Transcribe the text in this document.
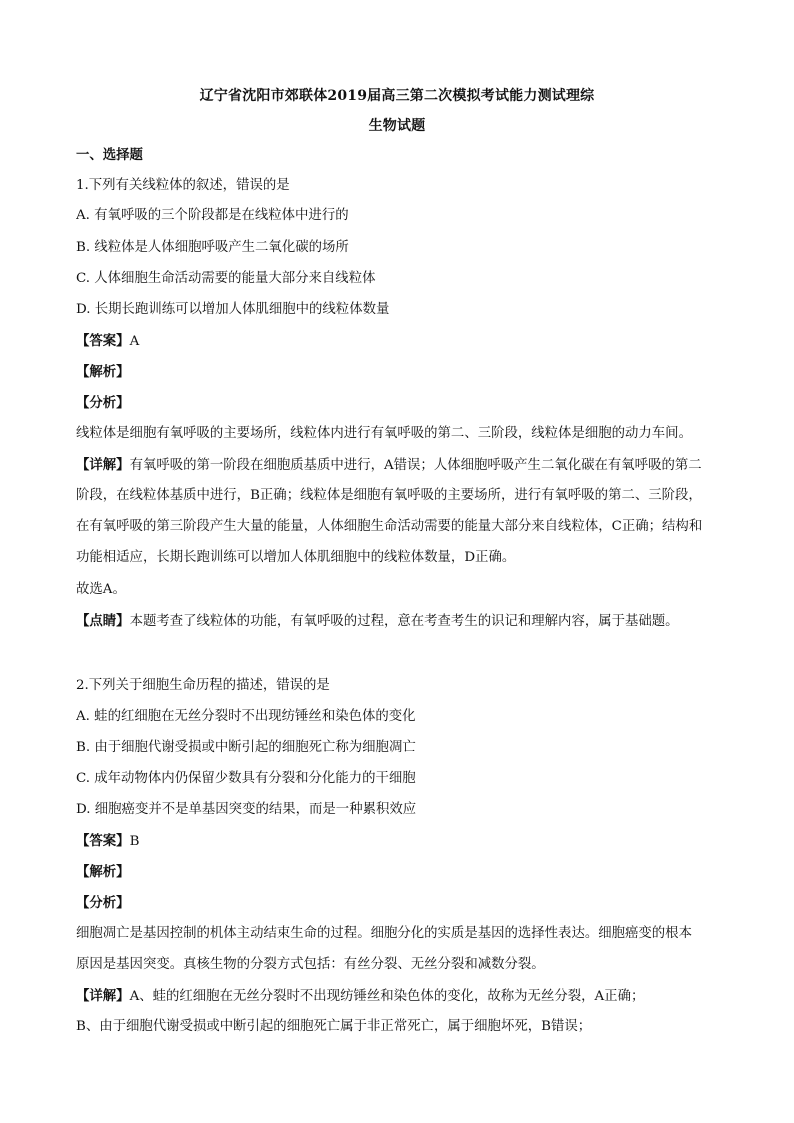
辽宁省沈阳市郊联体2019届高三第二次模拟考试能力测试理综
生物试题
一、选择题
1.下列有关线粒体的叙述，错误的是
A. 有氧呼吸的三个阶段都是在线粒体中进行的
B. 线粒体是人体细胞呼吸产生二氧化碳的场所
C. 人体细胞生命活动需要的能量大部分来自线粒体
D. 长期长跑训练可以增加人体肌细胞中的线粒体数量
【答案】A
【解析】
【分析】
线粒体是细胞有氧呼吸的主要场所，线粒体内进行有氧呼吸的第二、三阶段，线粒体是细胞的动力车间。
【详解】有氧呼吸的第一阶段在细胞质基质中进行，A错误；人体细胞呼吸产生二氧化碳在有氧呼吸的第二
阶段，在线粒体基质中进行，B正确；线粒体是细胞有氧呼吸的主要场所，进行有氧呼吸的第二、三阶段，
在有氧呼吸的第三阶段产生大量的能量，人体细胞生命活动需要的能量大部分来自线粒体，C正确；结构和
功能相适应，长期长跑训练可以增加人体肌细胞中的线粒体数量，D正确。
故选A。
【点睛】本题考查了线粒体的功能，有氧呼吸的过程，意在考查考生的识记和理解内容，属于基础题。
2.下列关于细胞生命历程的描述，错误的是
A. 蛙的红细胞在无丝分裂时不出现纺锤丝和染色体的变化
B. 由于细胞代谢受损或中断引起的细胞死亡称为细胞凋亡
C. 成年动物体内仍保留少数具有分裂和分化能力的干细胞
D. 细胞癌变并不是单基因突变的结果，而是一种累积效应
【答案】B
【解析】
【分析】
细胞凋亡是基因控制的机体主动结束生命的过程。细胞分化的实质是基因的选择性表达。细胞癌变的根本
原因是基因突变。真核生物的分裂方式包括：有丝分裂、无丝分裂和减数分裂。
【详解】A、蛙的红细胞在无丝分裂时不出现纺锤丝和染色体的变化，故称为无丝分裂，A正确；
B、由于细胞代谢受损或中断引起的细胞死亡属于非正常死亡，属于细胞坏死，B错误；
